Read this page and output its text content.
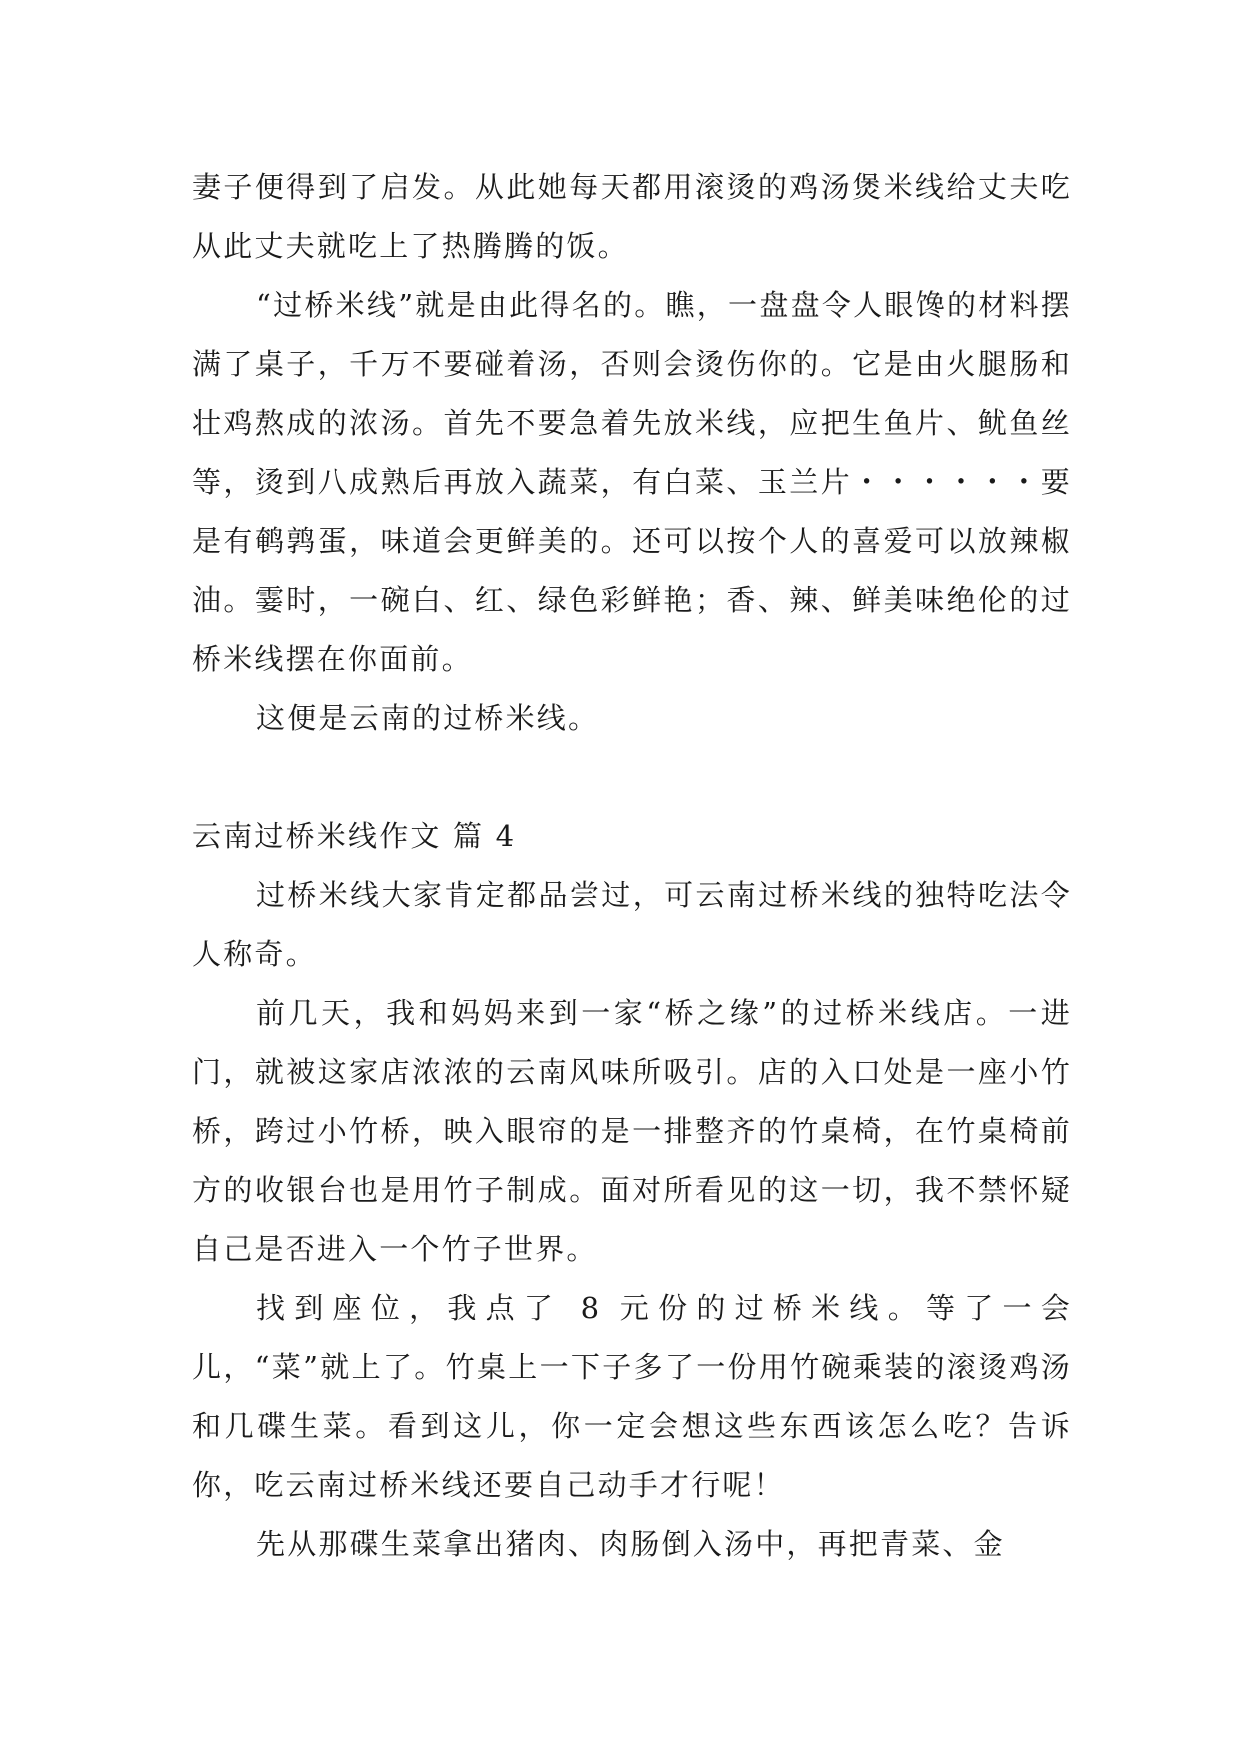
妻子便得到了启发。从此她每天都用滚烫的鸡汤煲米线给丈夫吃从此丈夫就吃上了热腾腾的饭。

“过桥米线”就是由此得名的。瞧，一盘盘令人眼馋的材料摆满了桌子，千万不要碰着汤，否则会烫伤你的。它是由火腿肠和壮鸡熬成的浓汤。首先不要急着先放米线，应把生鱼片、鱿鱼丝等，烫到八成熟后再放入蔬菜，有白菜、玉兰片・・・・・・要是有鹌鹑蛋，味道会更鲜美的。还可以按个人的喜爱可以放辣椒油。霎时，一碗白、红、绿色彩鲜艳；香、辣、鲜美味绝伦的过桥米线摆在你面前。

这便是云南的过桥米线。

云南过桥米线作文 篇 4

过桥米线大家肯定都品尝过，可云南过桥米线的独特吃法令人称奇。

前几天，我和妈妈来到一家“桥之缘”的过桥米线店。一进门，就被这家店浓浓的云南风味所吸引。店的入口处是一座小竹桥，跨过小竹桥，映入眼帘的是一排整齐的竹桌椅，在竹桌椅前方的收银台也是用竹子制成。面对所看见的这一切，我不禁怀疑自己是否进入一个竹子世界。

找到座位，我点了 8 元份的过桥米线。等了一会儿，“菜”就上了。竹桌上一下子多了一份用竹碗乘装的滚烫鸡汤和几碟生菜。看到这儿，你一定会想这些东西该怎么吃？告诉你，吃云南过桥米线还要自己动手才行呢！

先从那碟生菜拿出猪肉、肉肠倒入汤中，再把青菜、金
